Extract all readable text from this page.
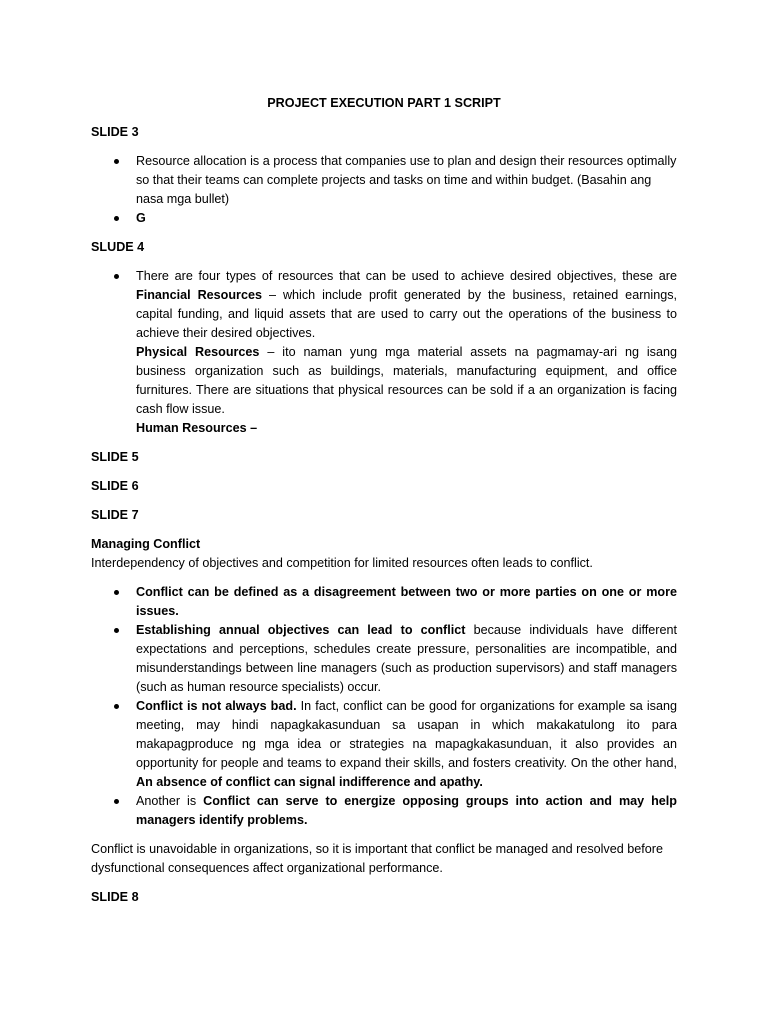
PROJECT EXECUTION PART 1 SCRIPT

SLIDE 3

Resource allocation is a process that companies use to plan and design their resources optimally so that their teams can complete projects and tasks on time and within budget. (Basahin ang nasa mga bullet)
G

SLUDE 4

There are four types of resources that can be used to achieve desired objectives, these are Financial Resources – which include profit generated by the business, retained earnings, capital funding, and liquid assets that are used to carry out the operations of the business to achieve their desired objectives.
Physical Resources – ito naman yung mga material assets na pagmamay-ari ng isang business organization such as buildings, materials, manufacturing equipment, and office furnitures. There are situations that physical resources can be sold if a an organization is facing cash flow issue.
Human Resources –

SLIDE 5

SLIDE 6

SLIDE 7

Managing Conflict

Interdependency of objectives and competition for limited resources often leads to conflict.

Conflict can be defined as a disagreement between two or more parties on one or more issues.
Establishing annual objectives can lead to conflict because individuals have different expectations and perceptions, schedules create pressure, personalities are incompatible, and misunderstandings between line managers (such as production supervisors) and staff managers (such as human resource specialists) occur.
Conflict is not always bad. In fact, conflict can be good for organizations for example sa isang meeting, may hindi napagkakasunduan sa usapan in which makakatulong ito para makapagproduce ng mga idea or strategies na mapagkakasunduan, it also provides an opportunity for people and teams to expand their skills, and fosters creativity. On the other hand, An absence of conflict can signal indifference and apathy.
Another is Conflict can serve to energize opposing groups into action and may help managers identify problems.

Conflict is unavoidable in organizations, so it is important that conflict be managed and resolved before dysfunctional consequences affect organizational performance.

SLIDE 8
